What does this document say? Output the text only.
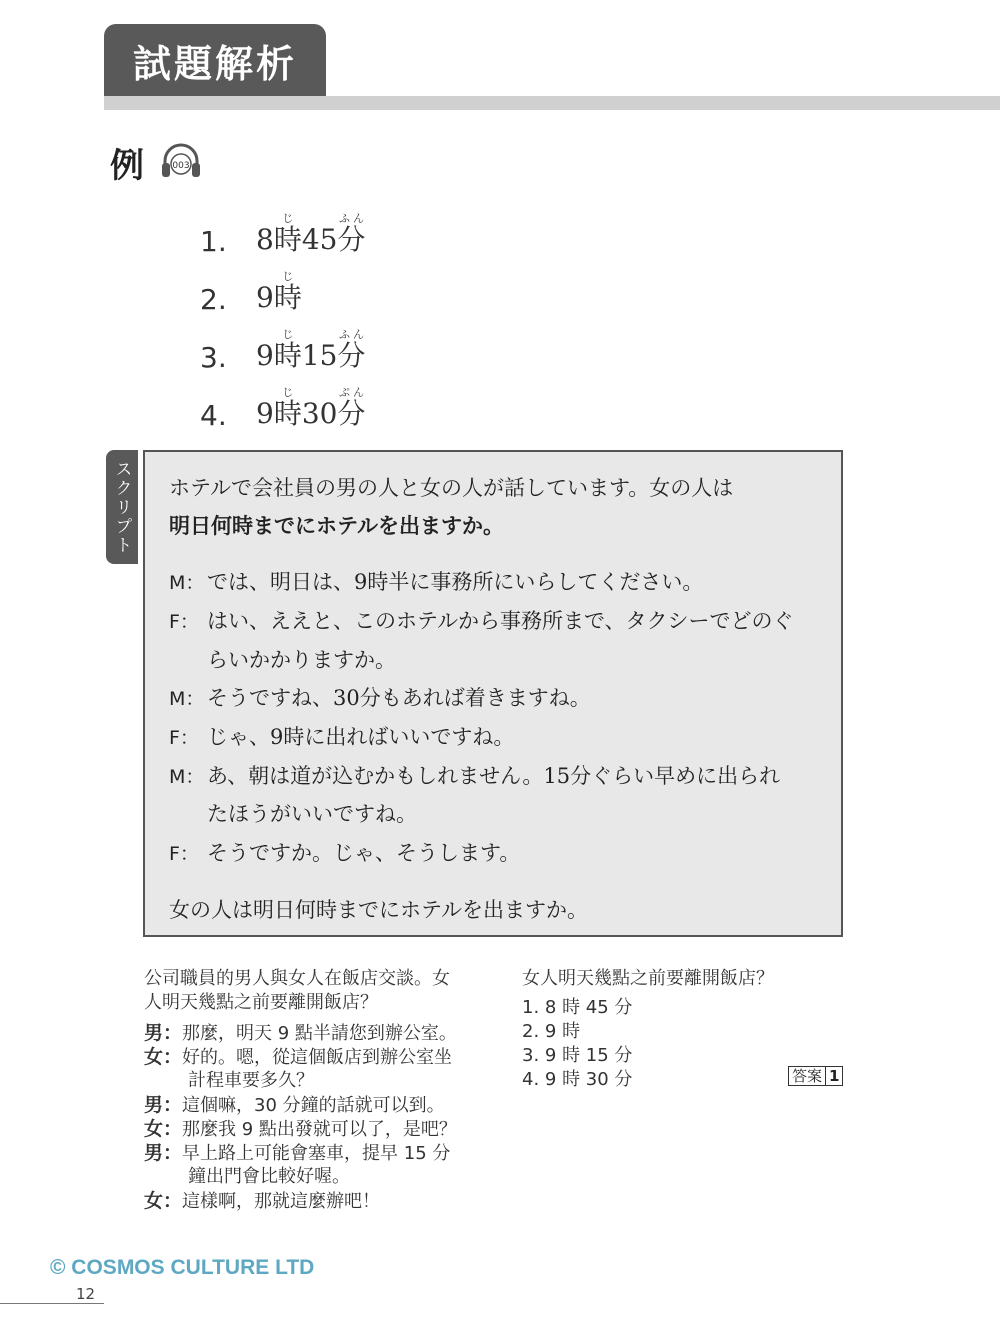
試題解析
例	003
1.	8時じ45分ふん
2.	9時じ
3.	9時じ15分ふん
4.	9時じ30分ぷん
スクリプト	ホテルで会社員の男の人と女の人が話しています。女の人は
明日何時までにホテルを出ますか。
M： では、明日は、9時半に事務所にいらしてください。
F： はい、ええと、このホテルから事務所まで、タクシーでどのぐ
らいかかりますか。
M： そうですね、30分もあれば着きますね。
F： じゃ、9時に出ればいいですね。
M： あ、朝は道が込むかもしれません。15分ぐらい早めに出られ
たほうがいいですね。
F： そうですか。じゃ、そうします。
女の人は明日何時までにホテルを出ますか。
公司職員的男人與女人在飯店交談。女
人明天幾點之前要離開飯店？
男：那麼，明天 9 點半請您到辦公室。
女：好的。嗯，從這個飯店到辦公室坐
計程車要多久？
男：這個嘛，30 分鐘的話就可以到。
女：那麼我 9 點出發就可以了，是吧？
男：早上路上可能會塞車，提早 15 分
鐘出門會比較好喔。
女：這樣啊，那就這麼辦吧！
女人明天幾點之前要離開飯店？
1. 8 時 45 分
2. 9 時
3. 9 時 15 分
4. 9 時 30 分	答案 1
© COSMOS CULTURE LTD
12
